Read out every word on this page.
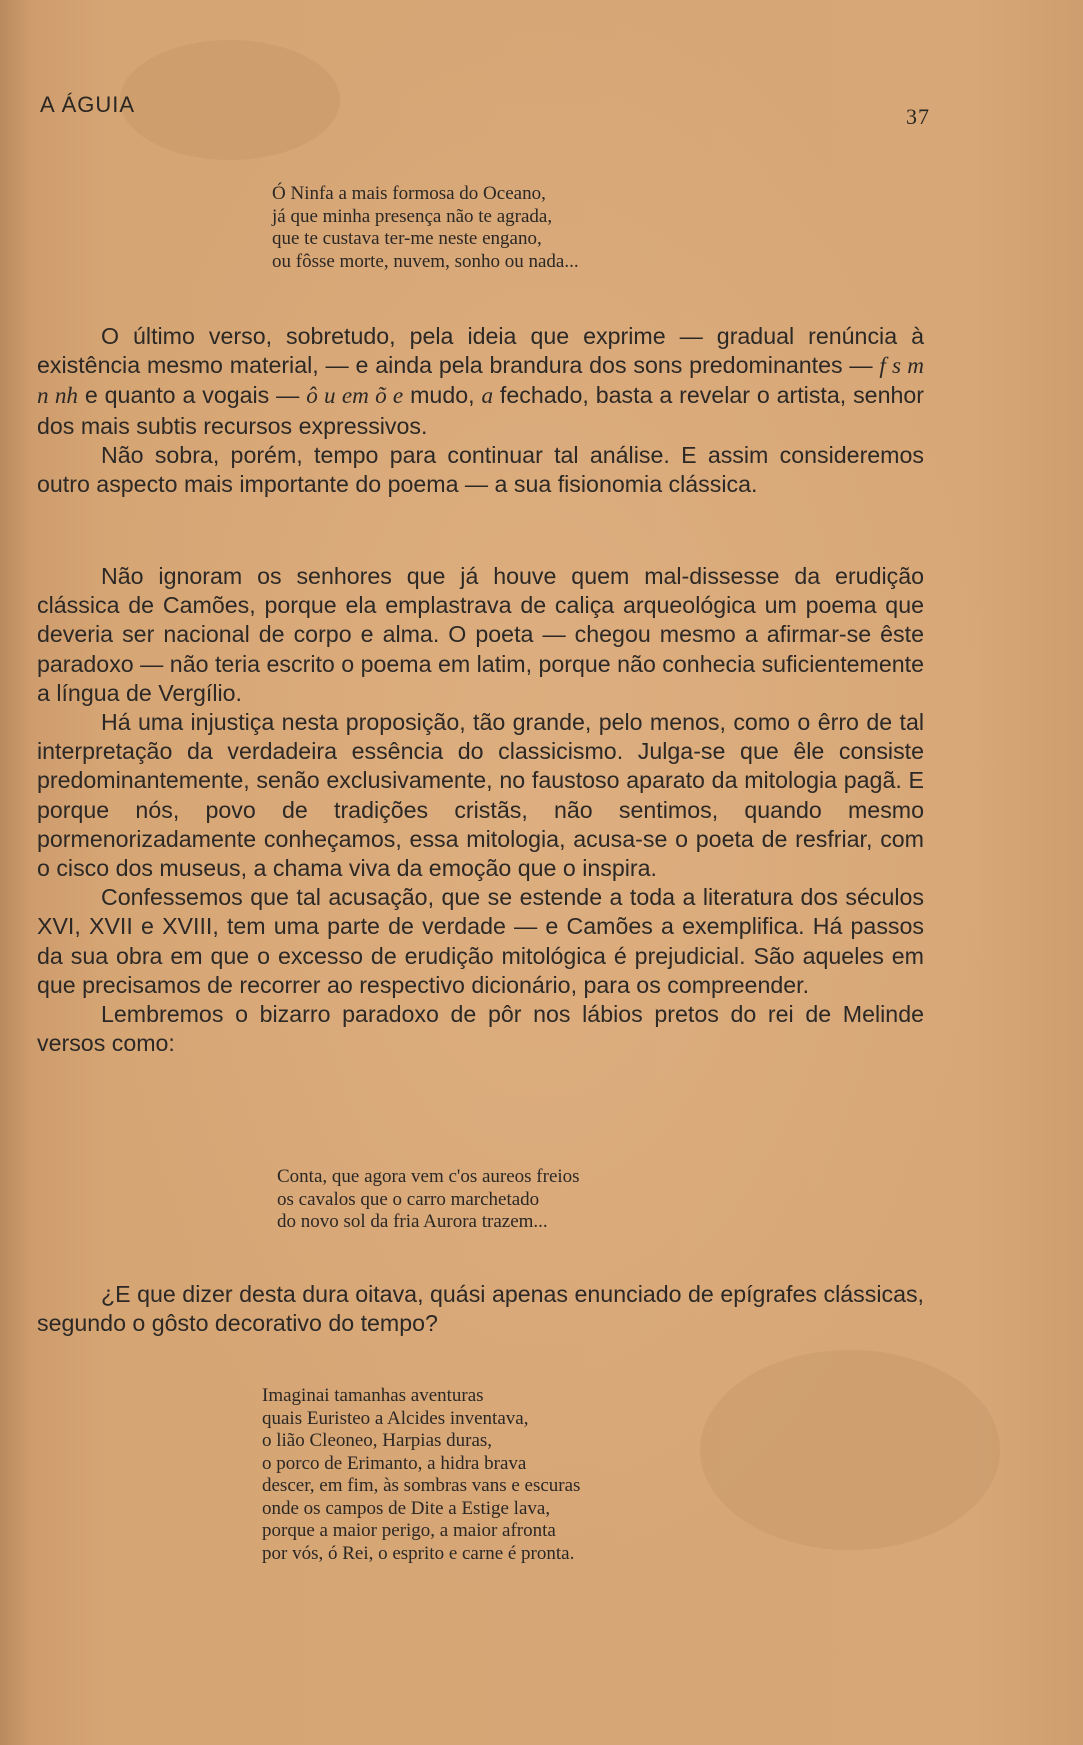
A ÁGUIA	37
Ó Ninfa a mais formosa do Oceano,
já que minha presença não te agrada,
que te custava ter-me neste engano,
ou fôsse morte, nuvem, sonho ou nada...

O último verso, sobretudo, pela ideia que exprime — gradual renúncia à existência mesmo material, — e ainda pela brandura dos sons predominantes — f s m n nh e quanto a vogais — ô u em õ e mudo, a fechado, basta a revelar o artista, senhor dos mais subtis recursos expressivos.

Não sobra, porém, tempo para continuar tal análise. E assim consideremos outro aspecto mais importante do poema — a sua fisionomia clássica.

Não ignoram os senhores que já houve quem mal-dissesse da erudição clássica de Camões, porque ela emplastrava de caliça arqueológica um poema que deveria ser nacional de corpo e alma. O poeta — chegou mesmo a afirmar-se êste paradoxo — não teria escrito o poema em latim, porque não conhecia suficientemente a língua de Vergílio.

Há uma injustiça nesta proposição, tão grande, pelo menos, como o êrro de tal interpretação da verdadeira essência do classicismo. Julga-se que êle consiste predominantemente, senão exclusivamente, no faustoso aparato da mitologia pagã. E porque nós, povo de tradições cristãs, não sentimos, quando mesmo pormenorizadamente conheçamos, essa mitologia, acusa-se o poeta de resfriar, com o cisco dos museus, a chama viva da emoção que o inspira.

Confessemos que tal acusação, que se estende a toda a literatura dos séculos XVI, XVII e XVIII, tem uma parte de verdade — e Camões a exemplifica. Há passos da sua obra em que o excesso de erudição mitológica é prejudicial. São aqueles em que precisamos de recorrer ao respectivo dicionário, para os compreender.

Lembremos o bizarro paradoxo de pôr nos lábios pretos do rei de Melinde versos como:

Conta, que agora vem c'os aureos freios
os cavalos que o carro marchetado
do novo sol da fria Aurora trazem...

¿E que dizer desta dura oitava, quási apenas enunciado de epígrafes clássicas, segundo o gôsto decorativo do tempo?

Imaginai tamanhas aventuras
quais Euristeo a Alcides inventava,
o lião Cleoneo, Harpias duras,
o porco de Erimanto, a hidra brava
descer, em fim, às sombras vans e escuras
onde os campos de Dite a Estige lava,
porque a maior perigo, a maior afronta
por vós, ó Rei, o esprito e carne é pronta.
